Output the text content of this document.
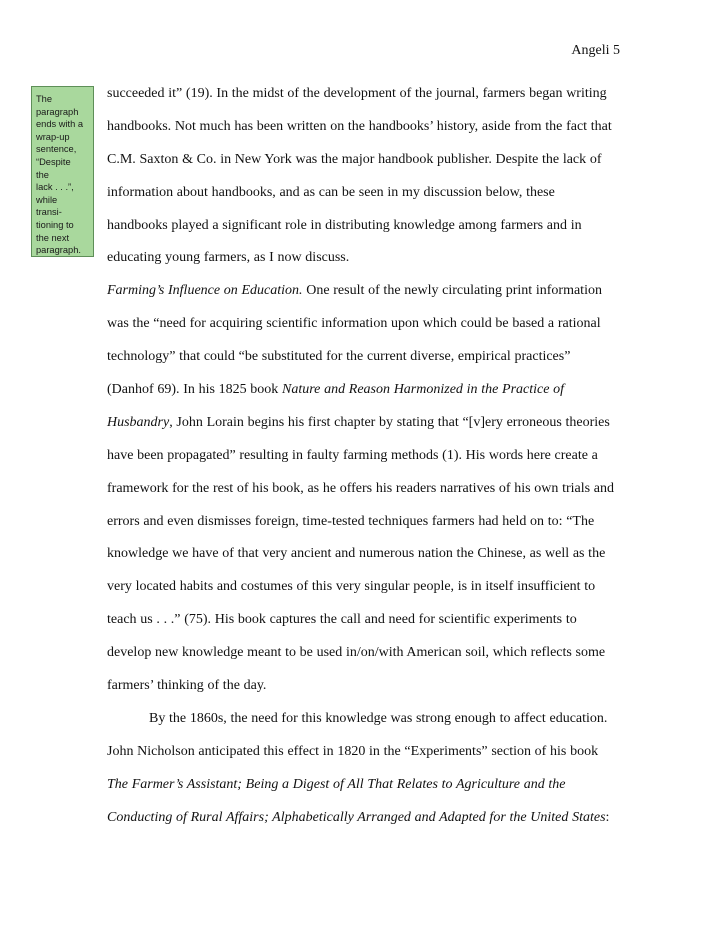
Angeli 5
The
paragraph
ends with a
wrap-up
sentence,
“Despite
the
lack . . .”,
while
transi-
tioning to
the next
paragraph.
succeeded it” (19). In the midst of the development of the journal, farmers began writing
handbooks. Not much has been written on the handbooks’ history, aside from the fact that
C.M. Saxton & Co. in New York was the major handbook publisher. Despite the lack of
information about handbooks, and as can be seen in my discussion below, these
handbooks played a significant role in distributing knowledge among farmers and in
educating young farmers, as I now discuss.
Farming’s Influence on Education. One result of the newly circulating print information
was the “need for acquiring scientific information upon which could be based a rational
technology” that could “be substituted for the current diverse, empirical practices”
(Danhof 69). In his 1825 book Nature and Reason Harmonized in the Practice of
Husbandry, John Lorain begins his first chapter by stating that “[v]ery erroneous theories
have been propagated” resulting in faulty farming methods (1). His words here create a
framework for the rest of his book, as he offers his readers narratives of his own trials and
errors and even dismisses foreign, time-tested techniques farmers had held on to: “The
knowledge we have of that very ancient and numerous nation the Chinese, as well as the
very located habits and costumes of this very singular people, is in itself insufficient to
teach us . . .” (75). His book captures the call and need for scientific experiments to
develop new knowledge meant to be used in/on/with American soil, which reflects some
farmers’ thinking of the day.
By the 1860s, the need for this knowledge was strong enough to affect education.
John Nicholson anticipated this effect in 1820 in the “Experiments” section of his book
The Farmer’s Assistant; Being a Digest of All That Relates to Agriculture and the
Conducting of Rural Affairs; Alphabetically Arranged and Adapted for the United States:
